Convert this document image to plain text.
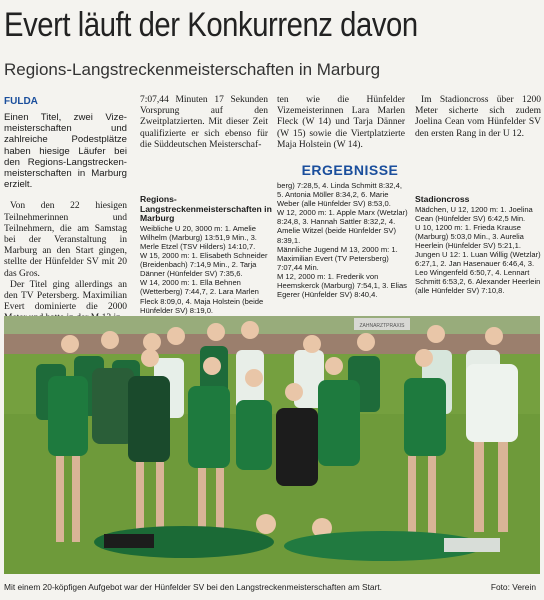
Evert läuft der Konkurrenz davon
Regions-Langstreckenmeisterschaften in Marburg
FULDA

Einen Titel, zwei Vize-meisterschaften und zahlreiche Podestplätze haben hiesige Läufer bei den Regions-Langstrecken-meisterschaften in Marburg erzielt.

Von den 22 hiesigen Teilnehmerinnen und Teilnehmern, die am Samstag bei der Veranstaltung in Marburg an den Start gingen, stellte der Hünfelder SV mit 20 das Gros.

Der Titel ging allerdings an den TV Petersberg. Maximilian Evert dominierte die 2000

7:07,44 Minuten 17 Sekunden Vorsprung auf den Zweitplatzierten. Mit dieser Zeit qualifizierte er sich ebenso für die Süddeutschen Meisterschaf-

ten wie die Hünfelder Vizemeisterinnen Lara Marlen Fleck (W 14) und Tarja Dänner (W 15) sowie die Viertplatzierte Maja Holstein (W 14).

Im Stadioncross über 1200 Meter sicherte sich zudem Joelina Cean vom Hünfelder SV den ersten Rang in der U 12.

ERGEBNISSE
Regions-Langstreckenmeisterschaften in Marburg
Weibliche U 20, 3000 m: 1. Amelie Wilhelm (Marburg) 13:51,9 Min., 3. Merle Etzel (TSV Hilders) 14:10,7.
W 15, 2000 m: 1. Elisabeth Schneider (Breidenbach) 7:14,9 Min., 2. Tarja Dänner (Hünfelder SV) 7:35,6.
W 14, 2000 m: 1. Ella Behnen (Wetterberg) 7:44,7, 2. Lara Marlen Fleck 8:09,0, 4. Maja Holstein (beide Hünfelder SV) 8:19,0.
berg) 7:28,5, 4. Linda Schmitt 8:32,4, 5. Antonia Möller 8:34,2, 6. Marie Weber (alle Hünfelder SV) 8:53,0.
W 12, 2000 m: 1. Apple Marx (Wetzlar) 8:24,8, 3. Hannah Sattler 8:32,2, 4. Amelie Witzel (beide Hünfelder SV) 8:39,1.
Männliche Jugend M 13, 2000 m: 1. Maximilian Evert (TV Petersberg) 7:07,44 Min.
M 12, 2000 m: 1. Frederik von Heemskerck (Marburg) 7:54,1, 3. Elias Egerer (Hünfelder SV) 8:40,4.
Stadioncross
Mädchen, U 12, 1200 m: 1. Joelina Cean (Hünfelder SV) 6:42,5 Min.
U 10, 1200 m: 1. Frieda Krause (Marburg) 5:03,0 Min., 3. Aurelia Heerlein (Hünfelder SV) 5:21,1.
Jungen U 12: 1. Luan Willig (Wetzlar) 6:27,1, 2. Jan Hasenauer 6:46,4, 3. Leo Wingenfeld 6:50,7, 4. Lennart Schmitt 6:53,2, 6. Alexander Heerlein (alle Hünfelder SV) 7:10,8.
ZAHNARZTPRAXIS
Mit einem 20-köpfigen Aufgebot war der Hünfelder SV bei den Langstreckenmeisterschaften am Start.	Foto: Verein
